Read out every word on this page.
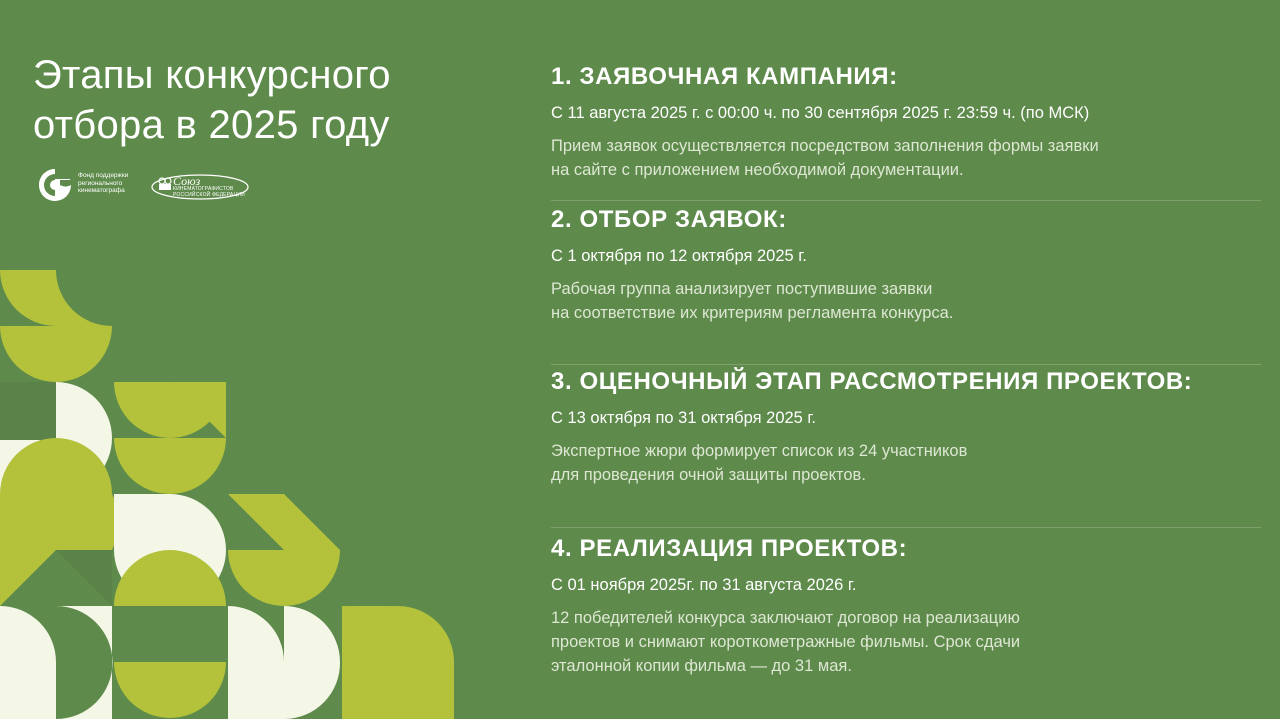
Этапы конкурсного
отбора в 2025 году
Фонд поддержки
регионального
кинематографа
Союз
КИНЕМАТОГРАФИСТОВ
РОССИЙСКОЙ ФЕДЕРАЦИИ
1. ЗАЯВОЧНАЯ КАМПАНИЯ:

С 11 августа 2025 г. с 00:00 ч. по 30 сентября 2025 г. 23:59 ч. (по МСК)

Прием заявок осуществляется посредством заполнения формы заявки
на сайте с приложением необходимой документации.

2. ОТБОР ЗАЯВОК:

С 1 октября по 12 октября 2025 г.

Рабочая группа анализирует поступившие заявки
на соответствие их критериям регламента конкурса.

3. ОЦЕНОЧНЫЙ ЭТАП РАССМОТРЕНИЯ ПРОЕКТОВ:

С 13 октября по 31 октября 2025 г.

Экспертное жюри формирует список из 24 участников
для проведения очной защиты проектов.

4. РЕАЛИЗАЦИЯ ПРОЕКТОВ:

С 01 ноября 2025г. по 31 августа 2026 г.

12 победителей конкурса заключают договор на реализацию
проектов и снимают короткометражные фильмы. Срок сдачи
эталонной копии фильма — до 31 мая.
